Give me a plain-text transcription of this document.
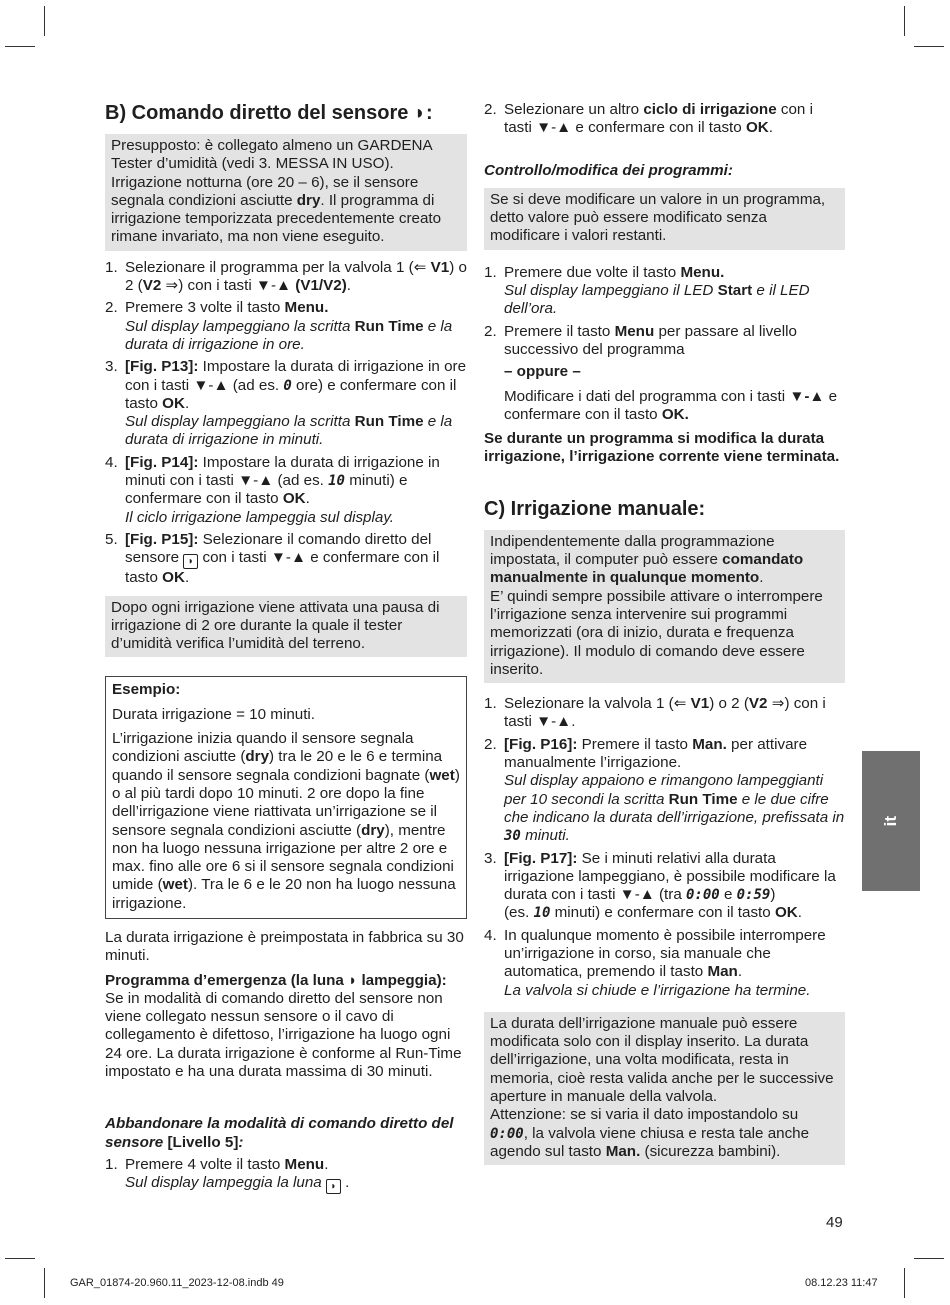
B) Comando diretto del sensore ◗:
Presupposto: è collegato almeno un GARDENA Tester d’umidità (vedi 3. MESSA IN USO). Irrigazione notturna (ore 20 – 6), se il sensore segnala condizioni asciutte dry. Il programma di irrigazione temporizzata precedentemente creato rimane invariato, ma non viene eseguito.
1. Selezionare il programma per la valvola 1 (⇐ V1) o 2 (V2 ⇒) con i tasti ▼-▲ (V1/V2).
2. Premere 3 volte il tasto Menu.
Sul display lampeggiano la scritta Run Time e la durata di irrigazione in ore.
3. [Fig. P13]: Impostare la durata di irrigazione in ore con i tasti ▼-▲ (ad es. 0 ore) e confermare con il tasto OK.
Sul display lampeggiano la scritta Run Time e la durata di irrigazione in minuti.
4. [Fig. P14]: Impostare la durata di irrigazione in minuti con i tasti ▼-▲ (ad es. 10 minuti) e confermare con il tasto OK.
Il ciclo irrigazione lampeggia sul display.
5. [Fig. P15]: Selezionare il comando diretto del sensore ◗ con i tasti ▼-▲ e confermare con il tasto OK.
Dopo ogni irrigazione viene attivata una pausa di irrigazione di 2 ore durante la quale il tester d’umidità verifica l’umidità del terreno.

Esempio:

Durata irrigazione = 10 minuti.

L’irrigazione inizia quando il sensore segnala condizioni asciutte (dry) tra le 20 e le 6 e termina quando il sensore segnala condizioni bagnate (wet) o al più tardi dopo 10 minuti. 2 ore dopo la fine dell’irrigazione viene riattivata un’irrigazione se il sensore segnala condizioni asciutte (dry), mentre non ha luogo nessuna irrigazione per altre 2 ore e max. fino alle ore 6 si il sensore segnala condizioni umide (wet). Tra le 6 e le 20 non ha luogo nessuna irrigazione.

La durata irrigazione è preimpostata in fabbrica su 30 minuti.

Programma d’emergenza (la luna ◗ lampeggia): Se in modalità di comando diretto del sensore non viene collegato nessun sensore o il cavo di collegamento è difettoso, l’irrigazione ha luogo ogni 24 ore. La durata irrigazione è conforme al Run-Time impostato e ha una durata massima di 30 minuti.

Abbandonare la modalità di comando diretto del sensore [Livello 5]:
1. Premere 4 volte il tasto Menu.
Sul display lampeggia la luna ◗ .
2. Selezionare un altro ciclo di irrigazione con i tasti ▼-▲ e confermare con il tasto OK.
Controllo/modifica dei programmi:
Se si deve modificare un valore in un programma, detto valore può essere modificato senza modificare i valori restanti.
1. Premere due volte il tasto Menu.
Sul display lampeggiano il LED Start e il LED dell’ora.
2. Premere il tasto Menu per passare al livello successivo del programma

– oppure –

Modificare i dati del programma con i tasti ▼-▲ e confermare con il tasto OK.

Se durante un programma si modifica la durata irrigazione, l’irrigazione corrente viene terminata.

C) Irrigazione manuale:
Indipendentemente dalla programmazione impostata, il computer può essere comandato manualmente in qualunque momento.
E’ quindi sempre possibile attivare o interrompere l’irrigazione senza intervenire sui programmi memorizzati (ora di inizio, durata e frequenza irrigazione). Il modulo di comando deve essere inserito.
1. Selezionare la valvola 1 (⇐ V1) o 2 (V2 ⇒) con i tasti ▼-▲.
2. [Fig. P16]: Premere il tasto Man. per attivare manualmente l’irrigazione.
Sul display appaiono e rimangono lampeggianti per 10 secondi la scritta Run Time e le due cifre che indicano la durata dell’irrigazione, prefissata in 30 minuti.
3. [Fig. P17]: Se i minuti relativi alla durata irrigazione lampeggiano, è possibile modificare la durata con i tasti ▼-▲ (tra 0:00 e 0:59)
(es. 10 minuti) e confermare con il tasto OK.
4. In qualunque momento è possibile interrompere un’irrigazione in corso, sia manuale che automatica, premendo il tasto Man.
La valvola si chiude e l’irrigazione ha termine.
La durata dell’irrigazione manuale può essere modificata solo con il display inserito. La durata dell’irrigazione, una volta modificata, resta in memoria, cioè resta valida anche per le successive aperture in manuale della valvola.
Attenzione: se si varia il dato impostandolo su 0:00, la valvola viene chiusa e resta tale anche agendo sul tasto Man. (sicurezza bambini).
it
49
GAR_01874-20.960.11_2023-12-08.indb 49	08.12.23 11:47
